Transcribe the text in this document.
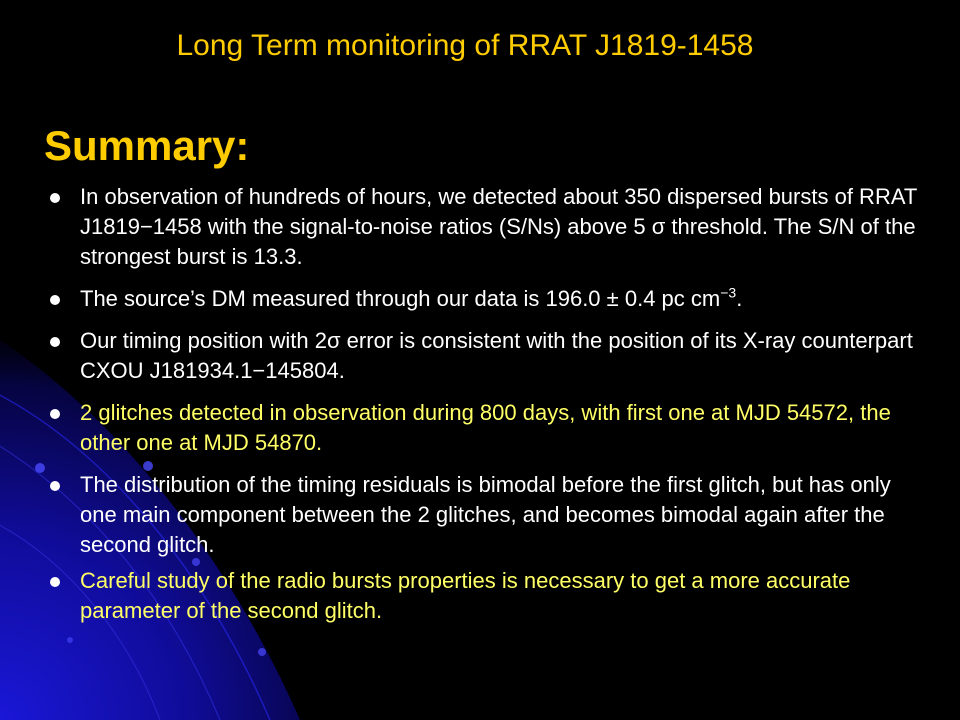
Long Term monitoring of RRAT J1819-1458
Summary:
In observation of hundreds of hours, we detected about 350 dispersed bursts of RRAT J1819−1458 with the signal-to-noise ratios (S/Ns) above 5 σ threshold. The S/N of the strongest burst is 13.3.
The source’s DM measured through our data is 196.0 ± 0.4 pc $cm^{-3}$.
Our timing position with 2σ error is consistent with the position of its X-ray counterpart CXOU J181934.1−145804.
2 glitches detected in observation during 800 days, with first one at MJD 54572, the other one at MJD 54870.
The distribution of the timing residuals is bimodal before the first glitch, but has only one main component between the 2 glitches, and becomes bimodal again after the second glitch.
Careful study of the radio bursts properties is necessary to get a more accurate parameter of the second glitch.
